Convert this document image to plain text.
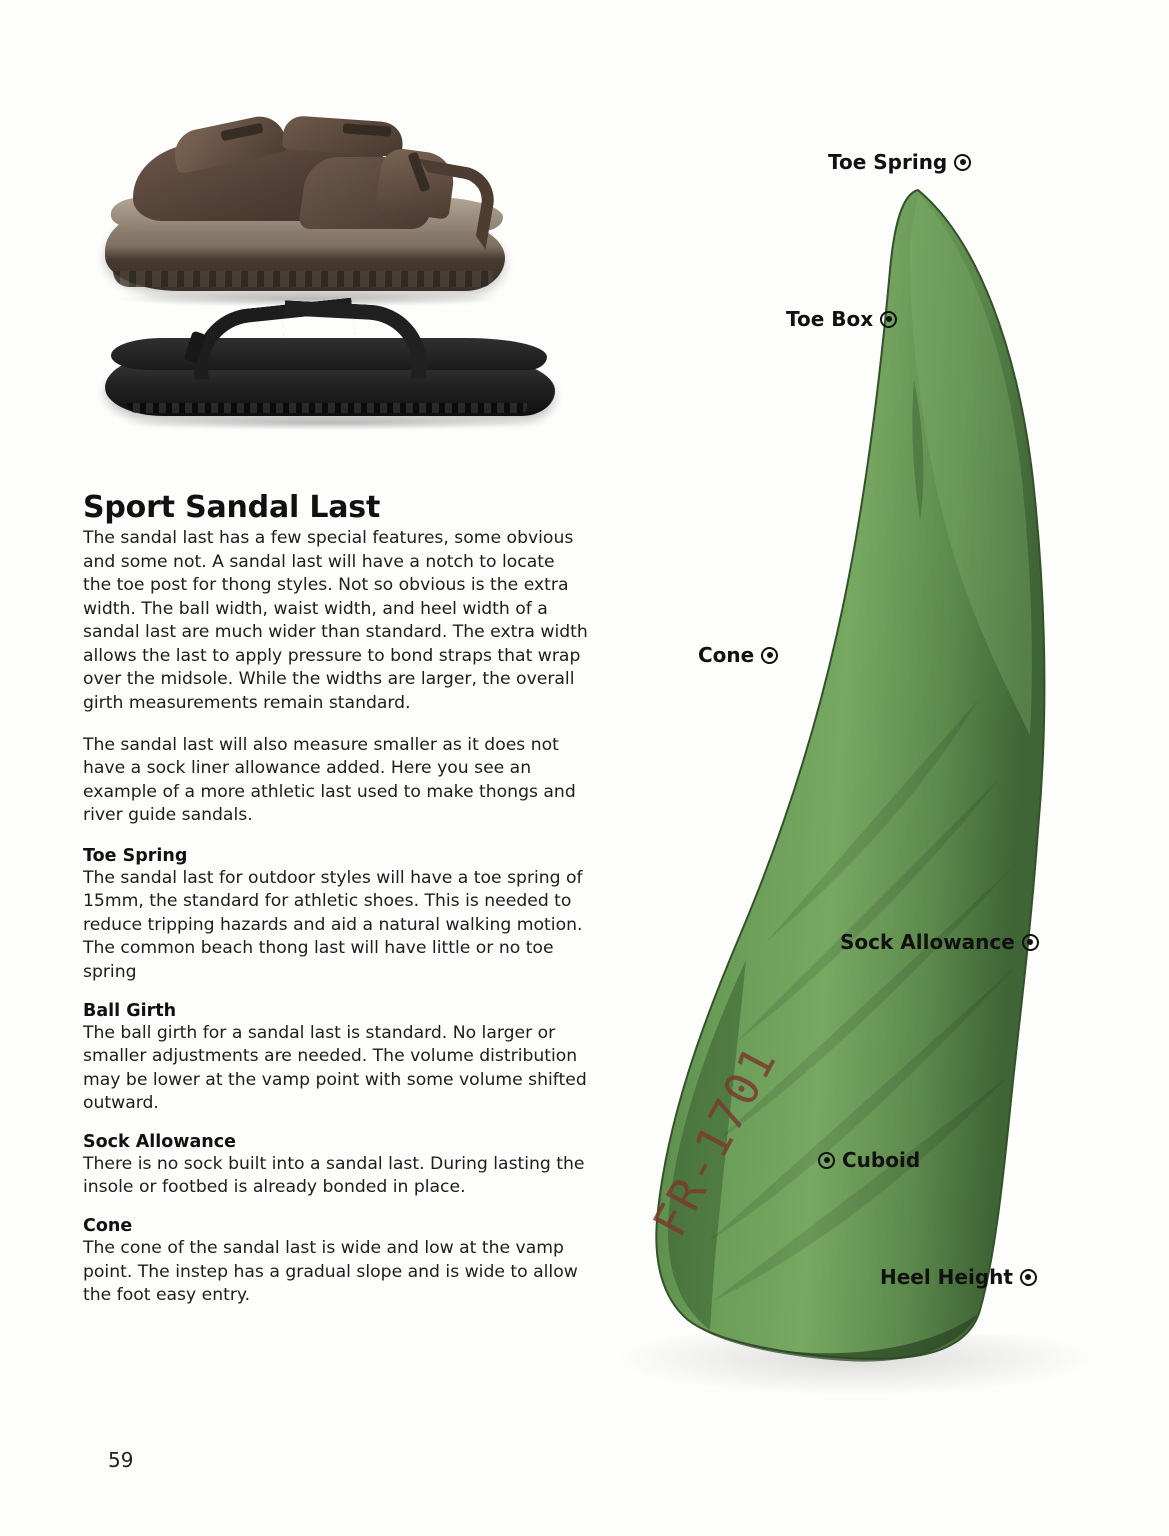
Sport Sandal Last

The sandal last has a few special features, some obvious and some not. A sandal last will have a notch to locate the toe post for thong styles. Not so obvious is the extra width. The ball width, waist width, and heel width of a sandal last are much wider than standard. The extra width allows the last to apply pressure to bond straps that wrap over the midsole. While the widths are larger, the overall girth measurements remain standard.

The sandal last will also measure smaller as it does not have a sock liner allowance added. Here you see an example of a more athletic last used to make thongs and river guide sandals.

Toe Spring

The sandal last for outdoor styles will have a toe spring of 15mm, the standard for athletic shoes. This is needed to reduce tripping hazards and aid a natural walking motion. The common beach thong last will have little or no toe spring

Ball Girth

The ball girth for a sandal last is standard. No larger or smaller adjustments are needed. The volume distribution may be lower at the vamp point with some volume shifted outward.

Sock Allowance

There is no sock built into a sandal last. During lasting the insole or footbed is already bonded in place.

Cone

The cone of the sandal last is wide and low at the vamp point. The instep has a gradual slope and is wide to allow the foot easy entry.

59
FR-1701
Toe Spring
Toe Box
Cone
Sock Allowance
Cuboid
Heel Height
